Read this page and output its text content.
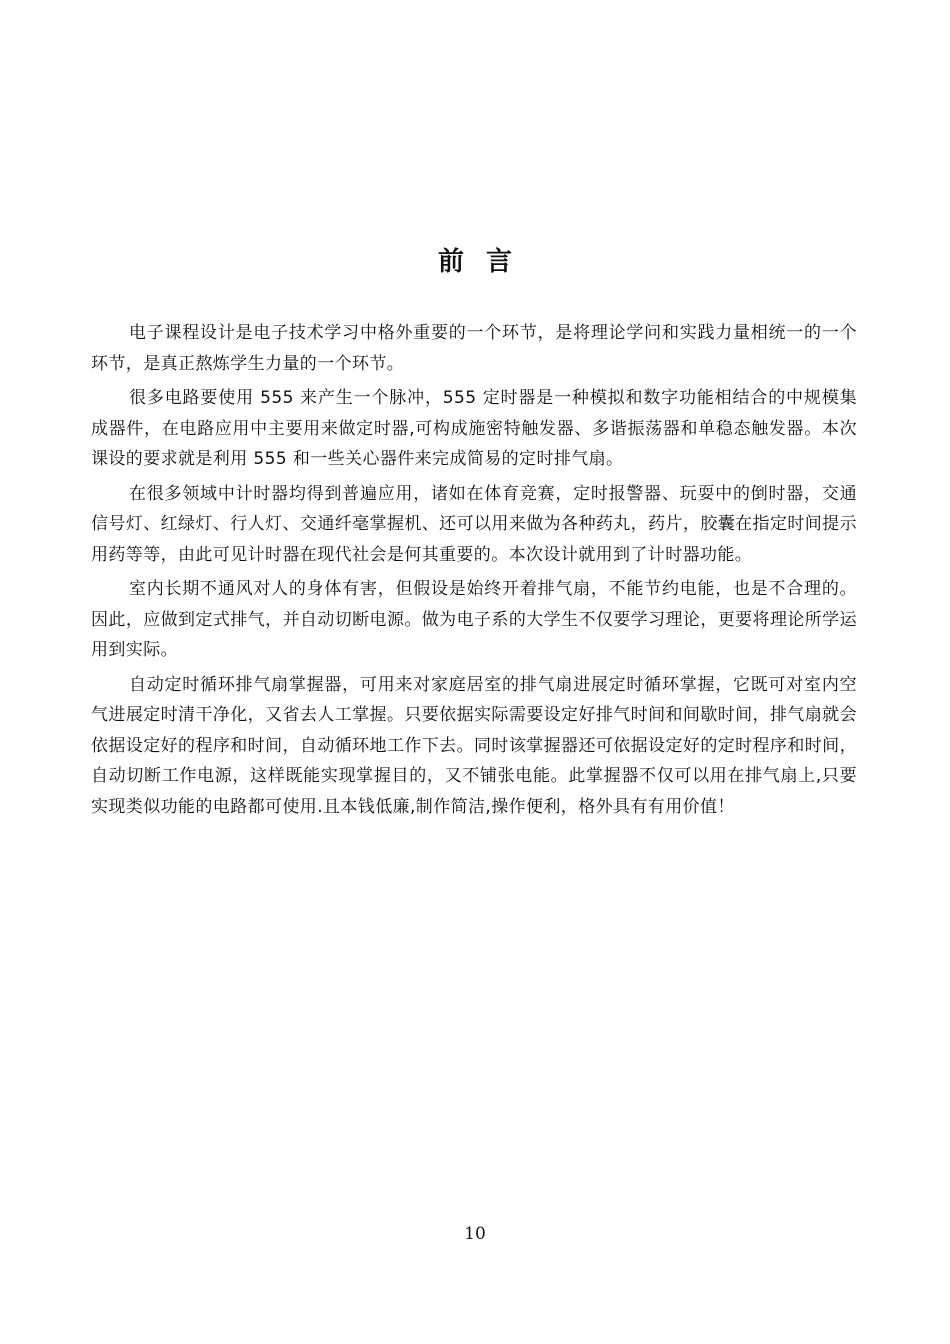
前言

电子课程设计是电子技术学习中格外重要的一个环节，是将理论学问和实践力量相统一的一个环节，是真正熬炼学生力量的一个环节。

很多电路要使用 555 来产生一个脉冲，555 定时器是一种模拟和数字功能相结合的中规模集成器件，在电路应用中主要用来做定时器,可构成施密特触发器、多谐振荡器和单稳态触发器。本次课设的要求就是利用 555 和一些关心器件来完成简易的定时排气扇。

在很多领域中计时器均得到普遍应用，诸如在体育竞赛，定时报警器、玩耍中的倒时器，交通信号灯、红绿灯、行人灯、交通纤毫掌握机、还可以用来做为各种药丸，药片，胶囊在指定时间提示用药等等，由此可见计时器在现代社会是何其重要的。本次设计就用到了计时器功能。

室内长期不通风对人的身体有害，但假设是始终开着排气扇，不能节约电能，也是不合理的。因此，应做到定式排气，并自动切断电源。做为电子系的大学生不仅要学习理论，更要将理论所学运用到实际。

自动定时循环排气扇掌握器，可用来对家庭居室的排气扇进展定时循环掌握，它既可对室内空气进展定时清干净化，又省去人工掌握。只要依据实际需要设定好排气时间和间歇时间，排气扇就会依据设定好的程序和时间，自动循环地工作下去。同时该掌握器还可依据设定好的定时程序和时间，自动切断工作电源，这样既能实现掌握目的，又不铺张电能。此掌握器不仅可以用在排气扇上,只要实现类似功能的电路都可使用.且本钱低廉,制作简洁,操作便利，格外具有有用价值！

10
